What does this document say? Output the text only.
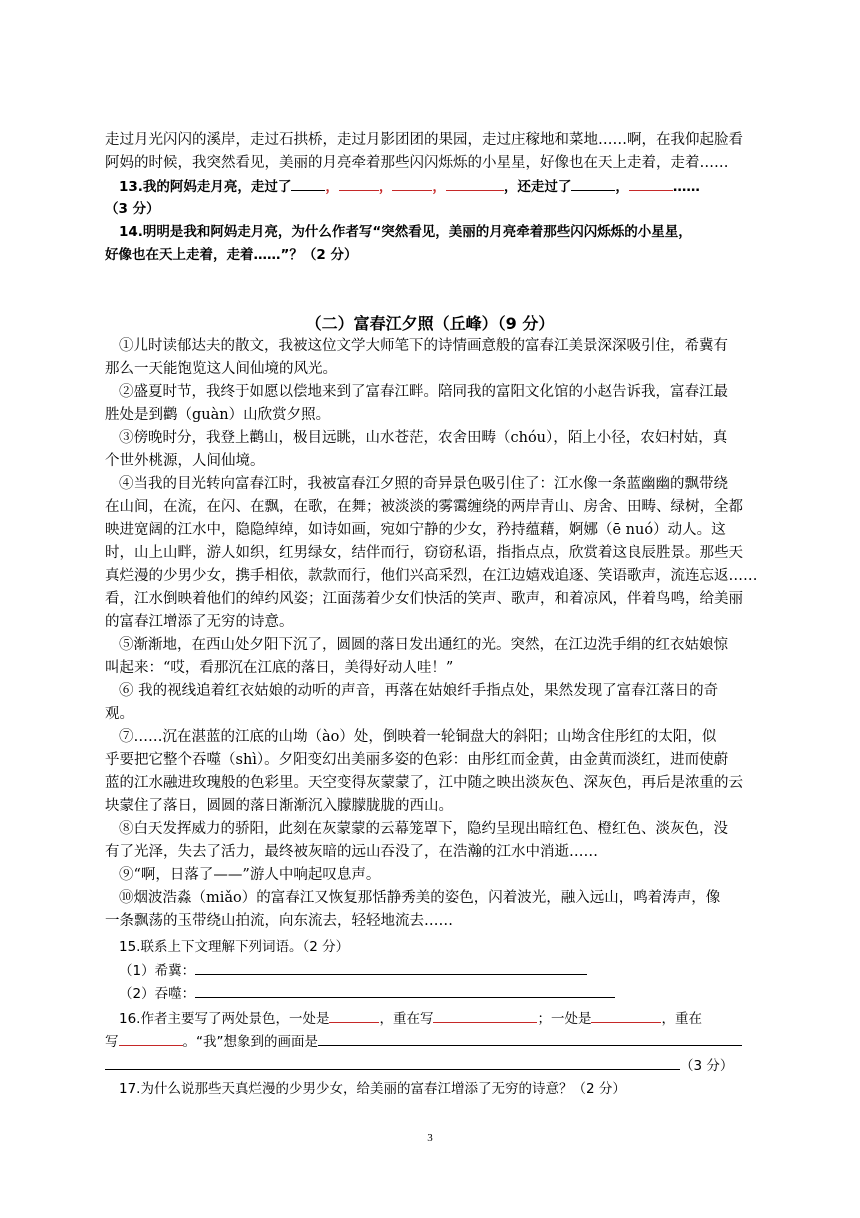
走过月光闪闪的溪岸，走过石拱桥，走过月影团团的果园，走过庄稼地和菜地……啊，在我仰起脸看
阿妈的时候，我突然看见，美丽的月亮牵着那些闪闪烁烁的小星星，好像也在天上走着，走着……
13.我的阿妈走月亮，走过了	，	，	，	，还走过了	，	……
（3 分）
14.明明是我和阿妈走月亮，为什么作者写“突然看见，美丽的月亮牵着那些闪闪烁烁的小星星，
好像也在天上走着，走着……”？（2 分）
（二）富春江夕照（丘峰）（9 分）
①儿时读郁达夫的散文，我被这位文学大师笔下的诗情画意般的富春江美景深深吸引住，希冀有
那么一天能饱览这人间仙境的风光。
②盛夏时节，我终于如愿以偿地来到了富春江畔。陪同我的富阳文化馆的小赵告诉我，富春江最
胜处是到鹳（guàn）山欣赏夕照。
③傍晚时分，我登上鹳山，极目远眺，山水苍茫，农舍田畴（chóu），陌上小径，农妇村姑，真
个世外桃源，人间仙境。
④当我的目光转向富春江时，我被富春江夕照的奇异景色吸引住了：江水像一条蓝幽幽的飘带绕
在山间，在流，在闪、在飘，在歌，在舞；被淡淡的雾霭缠绕的两岸青山、房舍、田畴、绿树，全都
映进宽阔的江水中，隐隐绰绰，如诗如画，宛如宁静的少女，矜持蕴藉，婀娜（ē nuó）动人。这
时，山上山畔，游人如织，红男绿女，结伴而行，窃窃私语，指指点点，欣赏着这良辰胜景。那些天
真烂漫的少男少女，携手相依，款款而行，他们兴高采烈，在江边嬉戏追逐、笑语歌声，流连忘返……
看，江水倒映着他们的绰约风姿；江面荡着少女们快活的笑声、歌声，和着凉风，伴着鸟鸣，给美丽
的富春江增添了无穷的诗意。
⑤渐渐地，在西山处夕阳下沉了，圆圆的落日发出通红的光。突然，在江边洗手绢的红衣姑娘惊
叫起来：“哎，看那沉在江底的落日，美得好动人哇！”
⑥ 我的视线追着红衣姑娘的动听的声音，再落在姑娘纤手指点处，果然发现了富春江落日的奇
观。
⑦……沉在湛蓝的江底的山坳（ào）处，倒映着一轮铜盘大的斜阳；山坳含住彤红的太阳，似
乎要把它整个吞噬（shì）。夕阳变幻出美丽多姿的色彩：由彤红而金黄，由金黄而淡红，进而使蔚
蓝的江水融进玫瑰般的色彩里。天空变得灰蒙蒙了，江中随之映出淡灰色、深灰色，再后是浓重的云
块蒙住了落日，圆圆的落日渐渐沉入朦朦胧胧的西山。
⑧白天发挥威力的骄阳，此刻在灰蒙蒙的云幕笼罩下，隐约呈现出暗红色、橙红色、淡灰色，没
有了光泽，失去了活力，最终被灰暗的远山吞没了，在浩瀚的江水中消逝……
⑨“啊，日落了——”游人中响起叹息声。
⑩烟波浩淼（miǎo）的富春江又恢复那恬静秀美的姿色，闪着波光，融入远山，鸣着涛声，像
一条飘荡的玉带绕山拍流，向东流去，轻轻地流去……
15.联系上下文理解下列词语。（2 分）
（1）希冀：
（2）吞噬：
16.作者主要写了两处景色，一处是	，重在写	；一处是	，重在
写	。“我”想象到的画面是
（3 分）
17.为什么说那些天真烂漫的少男少女，给美丽的富春江增添了无穷的诗意？（2 分）
3
